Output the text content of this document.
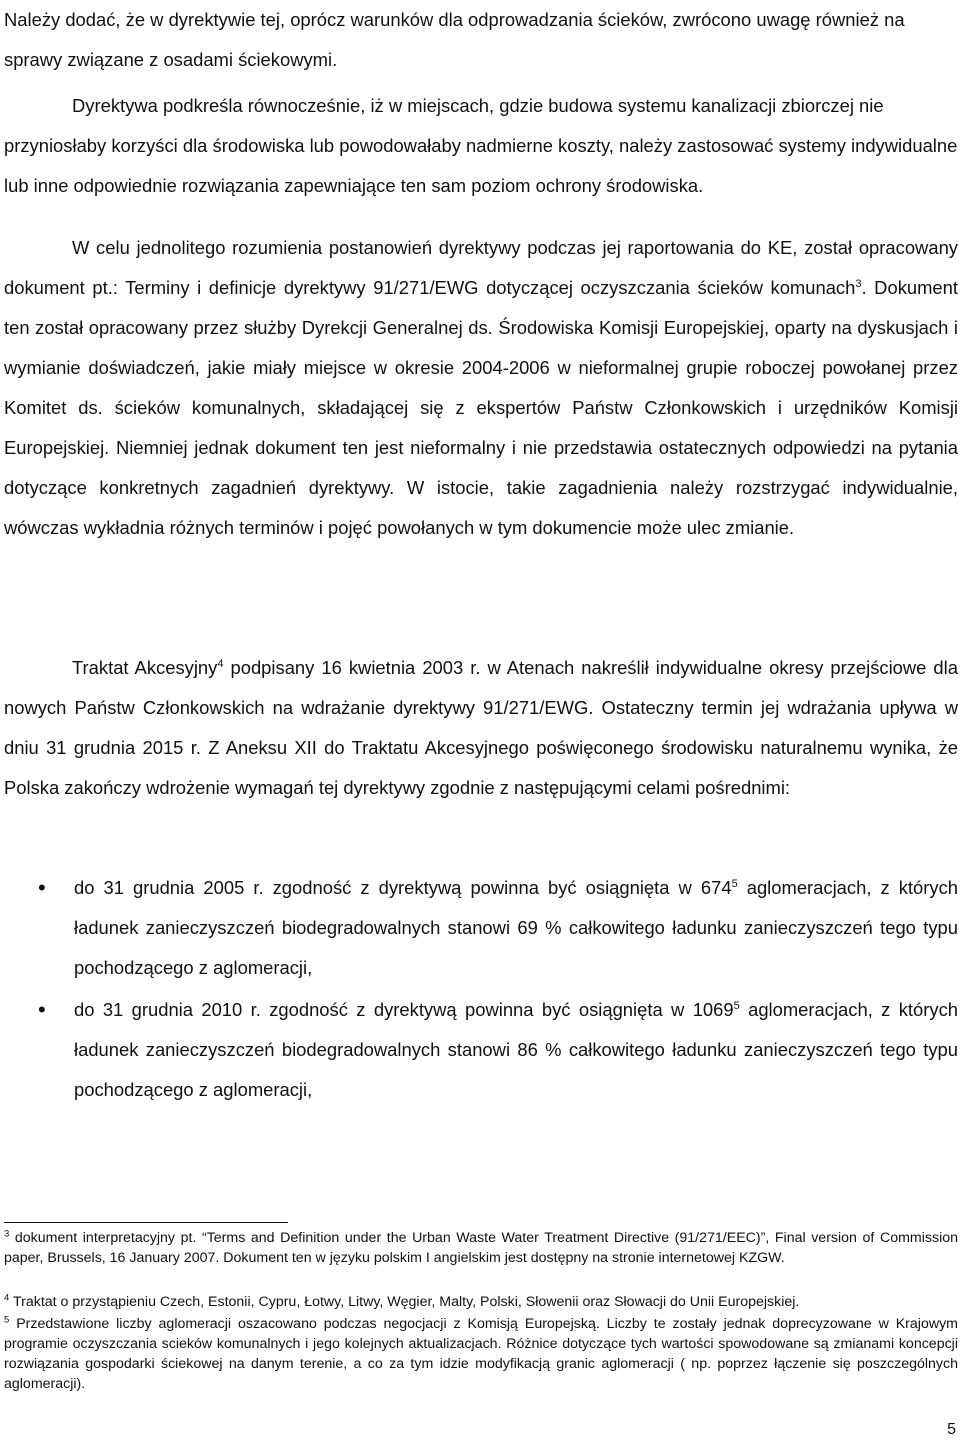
Należy dodać, że w dyrektywie tej, oprócz warunków dla odprowadzania ścieków, zwrócono uwagę również na sprawy związane z osadami ściekowymi.

Dyrektywa podkreśla równocześnie, iż w miejscach, gdzie budowa systemu kanalizacji zbiorczej nie przyniosłaby korzyści dla środowiska lub powodowałaby nadmierne koszty, należy zastosować systemy indywidualne lub inne odpowiednie rozwiązania zapewniające ten sam poziom ochrony środowiska.

W celu jednolitego rozumienia postanowień dyrektywy podczas jej raportowania do KE, został opracowany dokument pt.: Terminy i definicje dyrektywy 91/271/EWG dotyczącej oczyszczania ścieków komunach$^3$. Dokument ten został opracowany przez służby Dyrekcji Generalnej ds. Środowiska Komisji Europejskiej, oparty na dyskusjach i wymianie doświadczeń, jakie miały miejsce w okresie 2004-2006 w nieformalnej grupie roboczej powołanej przez Komitet ds. ścieków komunalnych, składającej się z ekspertów Państw Członkowskich i urzędników Komisji Europejskiej. Niemniej jednak dokument ten jest nieformalny i nie przedstawia ostatecznych odpowiedzi na pytania dotyczące konkretnych zagadnień dyrektywy. W istocie, takie zagadnienia należy rozstrzygać indywidualnie, wówczas wykładnia różnych terminów i pojęć powołanych w tym dokumencie może ulec zmianie.

Traktat Akcesyjny$^4$ podpisany 16 kwietnia 2003 r. w Atenach nakreślił indywidualne okresy przejściowe dla nowych Państw Członkowskich na wdrażanie dyrektywy 91/271/EWG. Ostateczny termin jej wdrażania upływa w dniu 31 grudnia 2015 r. Z Aneksu XII do Traktatu Akcesyjnego poświęconego środowisku naturalnemu wynika, że Polska zakończy wdrożenie wymagań tej dyrektywy zgodnie z następującymi celami pośrednimi:

• do 31 grudnia 2005 r. zgodność z dyrektywą powinna być osiągnięta w $674^5$ aglomeracjach, z których ładunek zanieczyszczeń biodegradowalnych stanowi 69 % całkowitego ładunku zanieczyszczeń tego typu pochodzącego z aglomeracji,

• do 31 grudnia 2010 r. zgodność z dyrektywą powinna być osiągnięta w 1069$^5$ aglomeracjach, z których ładunek zanieczyszczeń biodegradowalnych stanowi 86 % całkowitego ładunku zanieczyszczeń tego typu pochodzącego z aglomeracji,

$^3$ dokument interpretacyjny pt. “Terms and Definition under the Urban Waste Water Treatment Directive (91/271/EEC)”, Final version of Commission paper, Brussels, 16 January 2007. Dokument ten w języku polskim I angielskim jest dostępny na stronie internetowej KZGW.

$^4$ Traktat o przystąpieniu Czech, Estonii, Cypru, Łotwy, Litwy, Węgier, Malty, Polski, Słowenii oraz Słowacji do Unii Europejskiej.

$^5$ Przedstawione liczby aglomeracji oszacowano podczas negocjacji z Komisją Europejską. Liczby te zostały jednak doprecyzowane w Krajowym programie oczyszczania scieków komunalnych i jego kolejnych aktualizacjach. Różnice dotyczące tych wartości spowodowane są zmianami koncepcji rozwiązania gospodarki ściekowej na danym terenie, a co za tym idzie modyfikacją granic aglomeracji ( np. poprzez łączenie się poszczególnych aglomeracji).

5
